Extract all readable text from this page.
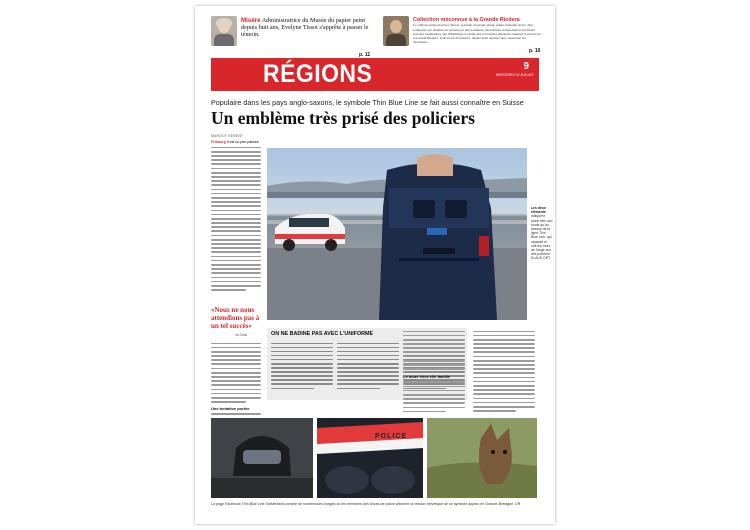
Misère Administratrice du Musée du papier peint depuis huit ans, Evelyne Tissot s'apprête à passer le témoin.
p. 11
Collection méconnue à la Grande Riedera
Le château abrite un trésor discret, souvenir du grand auteur. Adèle Guisolan arrive. Des sculptures par dizaines en passant par une poussière, des tribunes d'exploitation aux fleurs sont des exemplaires que l'Hommage n'oublie rien et récupère plusieurs centaines d'œuvres de la Grande Riedera. Tout un été de folklore, depuis deux doucher que conservent les chercheurs.
p. 10
RÉGIONS	9
MERCREDI 12 JUILLET
Populaire dans les pays anglo-saxons, le symbole Thin Blue Line se fait aussi connaître en Suisse
Un emblème très prisé des policiers
MARGOT SERENT
Fribourg Il est un peu partout.
«Nous ne nous attendions pas à un tel succès»
Jo Cina
Une tentative portée
Les deux éléments indiquent aussi bien aux bords qu'au-dessus de la ligne Thin Blue Line, qui séparait et unit les murs de l'ange aux des policiers. KLAUS ORT
ON NE BADINE PAS AVEC L'UNIFORME
Le muer chez elle famille
POLICE
La page Facebook Thin Blue Line Switzerland compte de nombreuses images où les membres des forces de police arborent la version helvétique de ce symbole apparu en Grande-Bretagne. DR
